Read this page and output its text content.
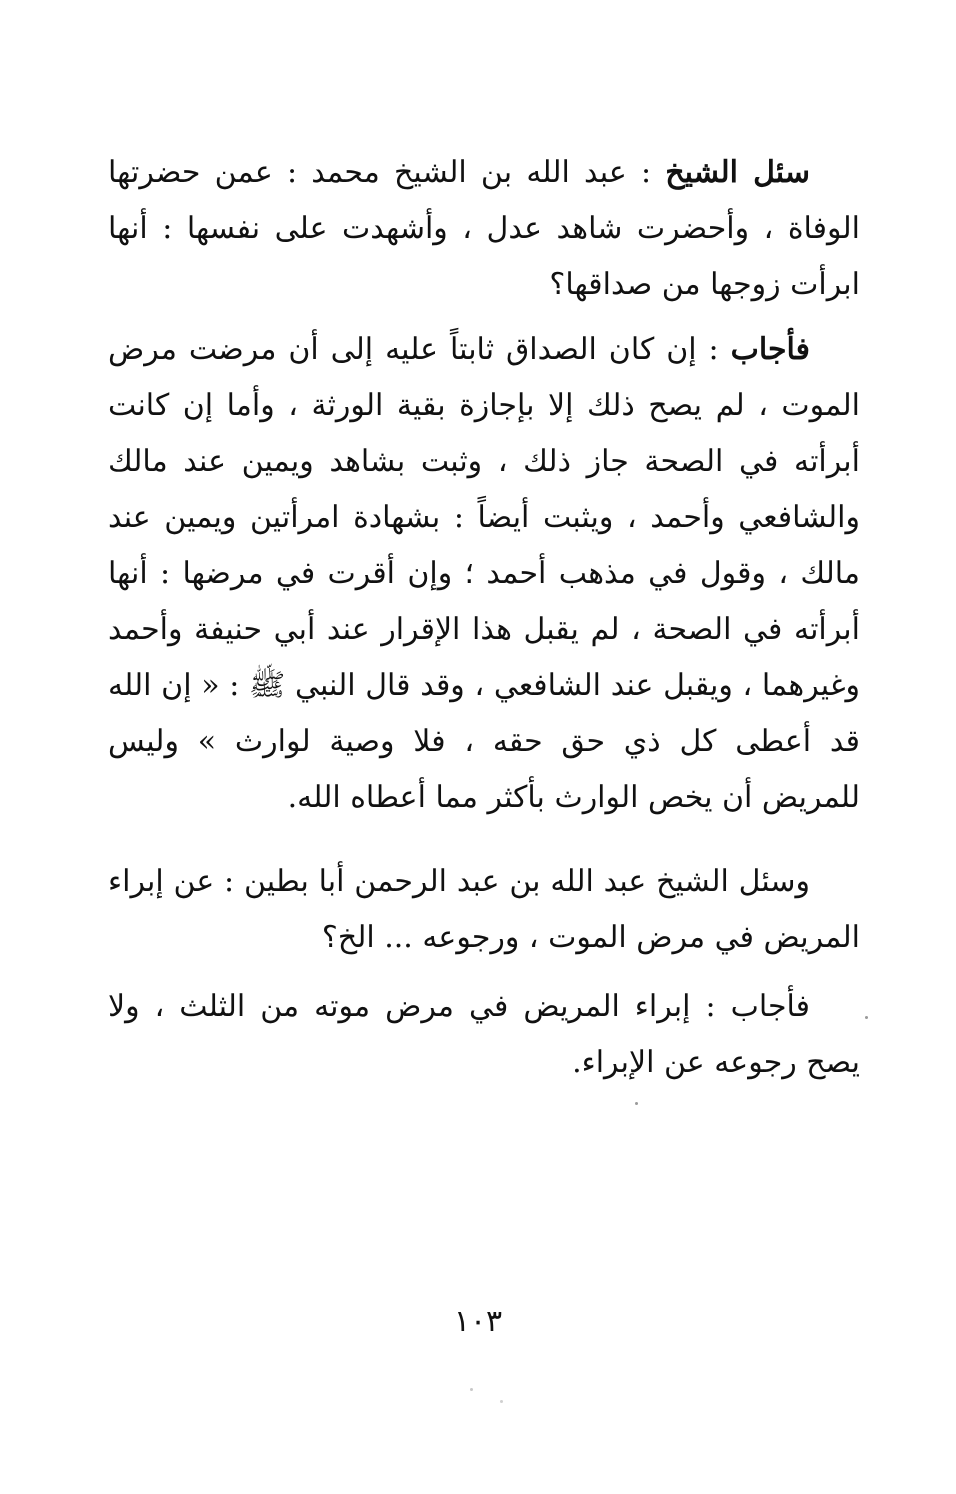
سئل الشيخ : عبد الله بن الشيخ محمد : عمن حضرتها الوفاة ، وأحضرت شاهد عدل ، وأشهدت على نفسها : أنها ابرأت زوجها من صداقها؟

فأجاب : إن كان الصداق ثابتاً عليه إلى أن مرضت مرض الموت ، لم يصح ذلك إلا بإجازة بقية الورثة ، وأما إن كانت أبرأته في الصحة جاز ذلك ، وثبت بشاهد ويمين عند مالك والشافعي وأحمد ، ويثبت أيضاً : بشهادة امرأتين ويمين عند مالك ، وقول في مذهب أحمد ؛ وإن أقرت في مرضها : أنها أبرأته في الصحة ، لم يقبل هذا الإقرار عند أبي حنيفة وأحمد وغيرهما ، ويقبل عند الشافعي ، وقد قال النبي ﷺ : « إن الله قد أعطى كل ذي حق حقه ، فلا وصية لوارث » وليس للمريض أن يخص الوارث بأكثر مما أعطاه الله.

وسئل الشيخ عبد الله بن عبد الرحمن أبا بطين : عن إبراء المريض في مرض الموت ، ورجوعه ... الخ؟

فأجاب : إبراء المريض في مرض موته من الثلث ، ولا يصح رجوعه عن الإبراء.

١٠٣
